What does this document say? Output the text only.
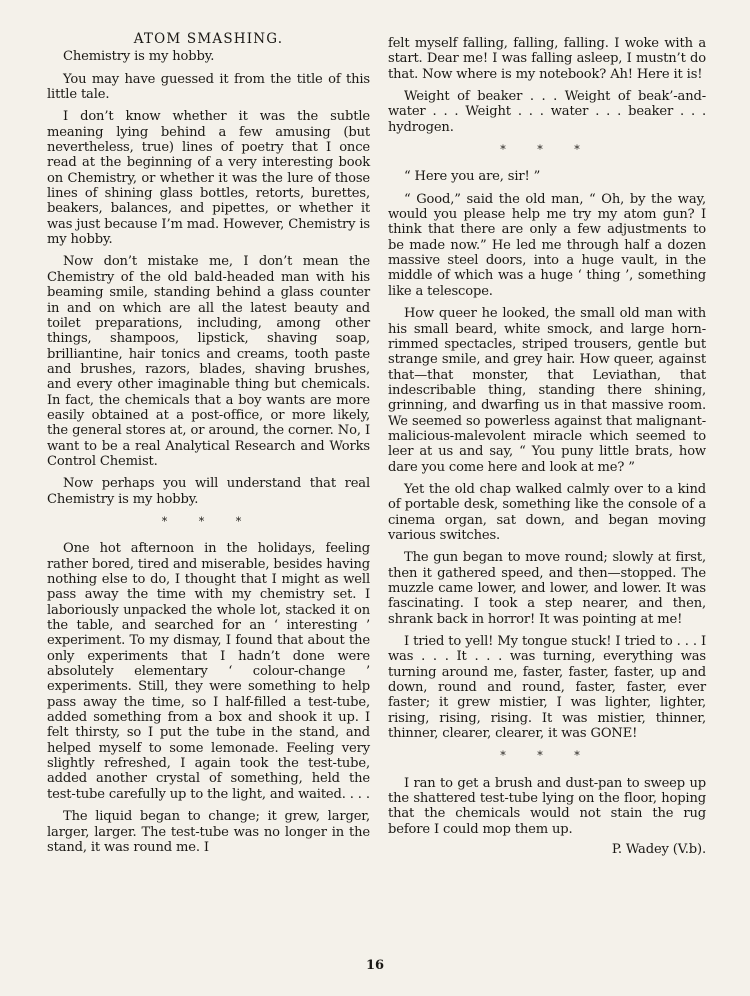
ATOM SMASHING.

Chemistry is my hobby.

You may have guessed it from the title of this little tale.

I don’t know whether it was the subtle meaning lying behind a few amusing (but nevertheless, true) lines of poetry that I once read at the beginning of a very interesting book on Chemistry, or whether it was the lure of those lines of shining glass bottles, retorts, burettes, beakers, balances, and pipettes, or whether it was just because I’m mad. However, Chemistry is my hobby.

Now don’t mistake me, I don’t mean the Chemistry of the old bald-headed man with his beaming smile, standing behind a glass counter in and on which are all the latest beauty and toilet preparations, including, among other things, shampoos, lipstick, shaving soap, brilliantine, hair tonics and creams, tooth paste and brushes, razors, blades, shaving brushes, and every other imaginable thing but chemicals. In fact, the chemicals that a boy wants are more easily obtained at a post-office, or more likely, the general stores at, or around, the corner. No, I want to be a real Analytical Research and Works Control Chemist.

Now perhaps you will understand that real Chemistry is my hobby.

* * *

One hot afternoon in the holidays, feeling rather bored, tired and miserable, besides having nothing else to do, I thought that I might as well pass away the time with my chemistry set. I laboriously unpacked the whole lot, stacked it on the table, and searched for an ‘ interesting ’ experiment. To my dismay, I found that about the only experiments that I hadn’t done were absolutely elementary ‘ colour-change ’ experiments. Still, they were something to help pass away the time, so I half-filled a test-tube, added something from a box and shook it up. I felt thirsty, so I put the tube in the stand, and helped myself to some lemonade. Feeling very slightly refreshed, I again took the test-tube, added another crystal of something, held the test-tube carefully up to the light, and waited. . . .

The liquid began to change; it grew, larger, larger, larger. The test-tube was no longer in the stand, it was round me. I

felt myself falling, falling, falling. I woke with a start. Dear me! I was falling asleep, I mustn’t do that. Now where is my notebook? Ah! Here it is!

Weight of beaker . . . Weight of beak’-and-water . . . Weight . . . water . . . beaker . . . hydrogen.

* * *

“ Here you are, sir! ”

“ Good,” said the old man, “ Oh, by the way, would you please help me try my atom gun? I think that there are only a few adjustments to be made now.” He led me through half a dozen massive steel doors, into a huge vault, in the middle of which was a huge ‘ thing ’, something like a telescope.

How queer he looked, the small old man with his small beard, white smock, and large horn-rimmed spectacles, striped trousers, gentle but strange smile, and grey hair. How queer, against that—that monster, that Leviathan, that indescribable thing, standing there shining, grinning, and dwarfing us in that massive room. We seemed so powerless against that malignant-malicious-malevolent miracle which seemed to leer at us and say, “ You puny little brats, how dare you come here and look at me? ”

Yet the old chap walked calmly over to a kind of portable desk, something like the console of a cinema organ, sat down, and began moving various switches.

The gun began to move round; slowly at first, then it gathered speed, and then—stopped. The muzzle came lower, and lower, and lower. It was fascinating. I took a step nearer, and then, shrank back in horror! It was pointing at me!

I tried to yell! My tongue stuck! I tried to . . . I was . . . It . . . was turning, everything was turning around me, faster, faster, faster, up and down, round and round, faster, faster, ever faster; it grew mistier, I was lighter, lighter, rising, rising, rising. It was mistier, thinner, thinner, clearer, clearer, it was GONE!

* * *

I ran to get a brush and dust-pan to sweep up the shattered test-tube lying on the floor, hoping that the chemicals would not stain the rug before I could mop them up.

P. Wadey (V.b).
16
